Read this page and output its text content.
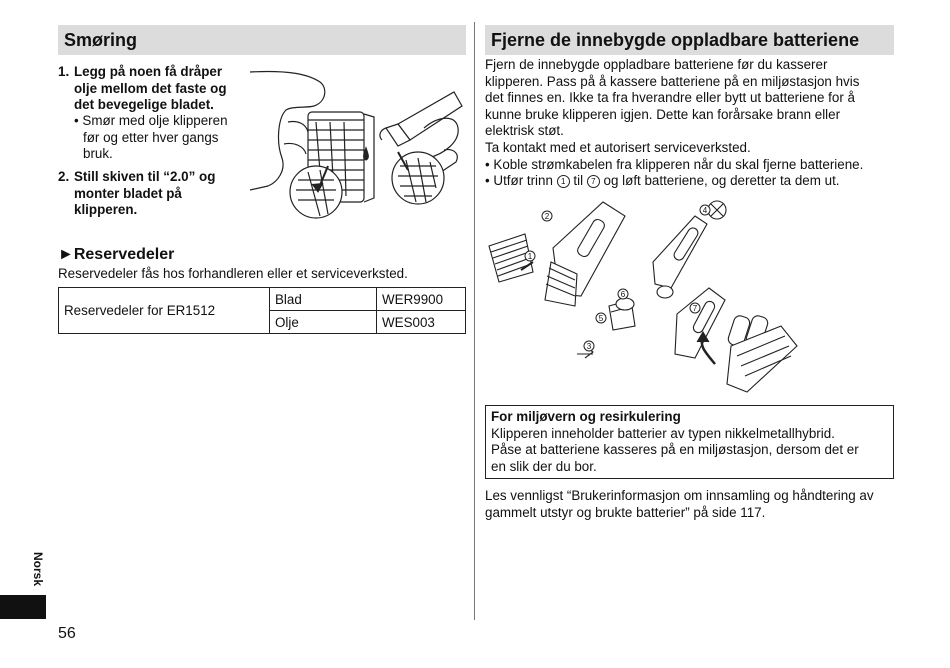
Smøring
1. Legg på noen få dråper
olje mellom det faste og
det bevegelige bladet.
• Smør med olje klipperen
før og etter hver gangs
bruk.
2. Still skiven til “2.0” og
monter bladet på
klipperen.
►Reservedeler
Reservedeler fås hos forhandleren eller et serviceverksted.
Reservedeler for ER1512	Blad	WER9900
	Olje	WES003
Fjerne de innebygde oppladbare batteriene
Fjern de innebygde oppladbare batteriene før du kasserer
klipperen. Pass på å kassere batteriene på en miljøstasjon hvis
det finnes en. Ikke ta fra hverandre eller bytt ut batteriene for å
kunne bruke klipperen igjen. Dette kan forårsake brann eller
elektrisk støt.
Ta kontakt med et autorisert serviceverksted.
• Koble strømkabelen fra klipperen når du skal fjerne batteriene.
• Utfør trinn 1 til 7 og løft batteriene, og deretter ta dem ut.
1
2
3
4
5
6
7
For miljøvern og resirkulering
Klipperen inneholder batterier av typen nikkelmetallhybrid.
Påse at batteriene kasseres på en miljøstasjon, dersom det er
en slik der du bor.
Les vennligst “Brukerinformasjon om innsamling og håndtering av
gammelt utstyr og brukte batterier” på side 117.
Norsk
56
